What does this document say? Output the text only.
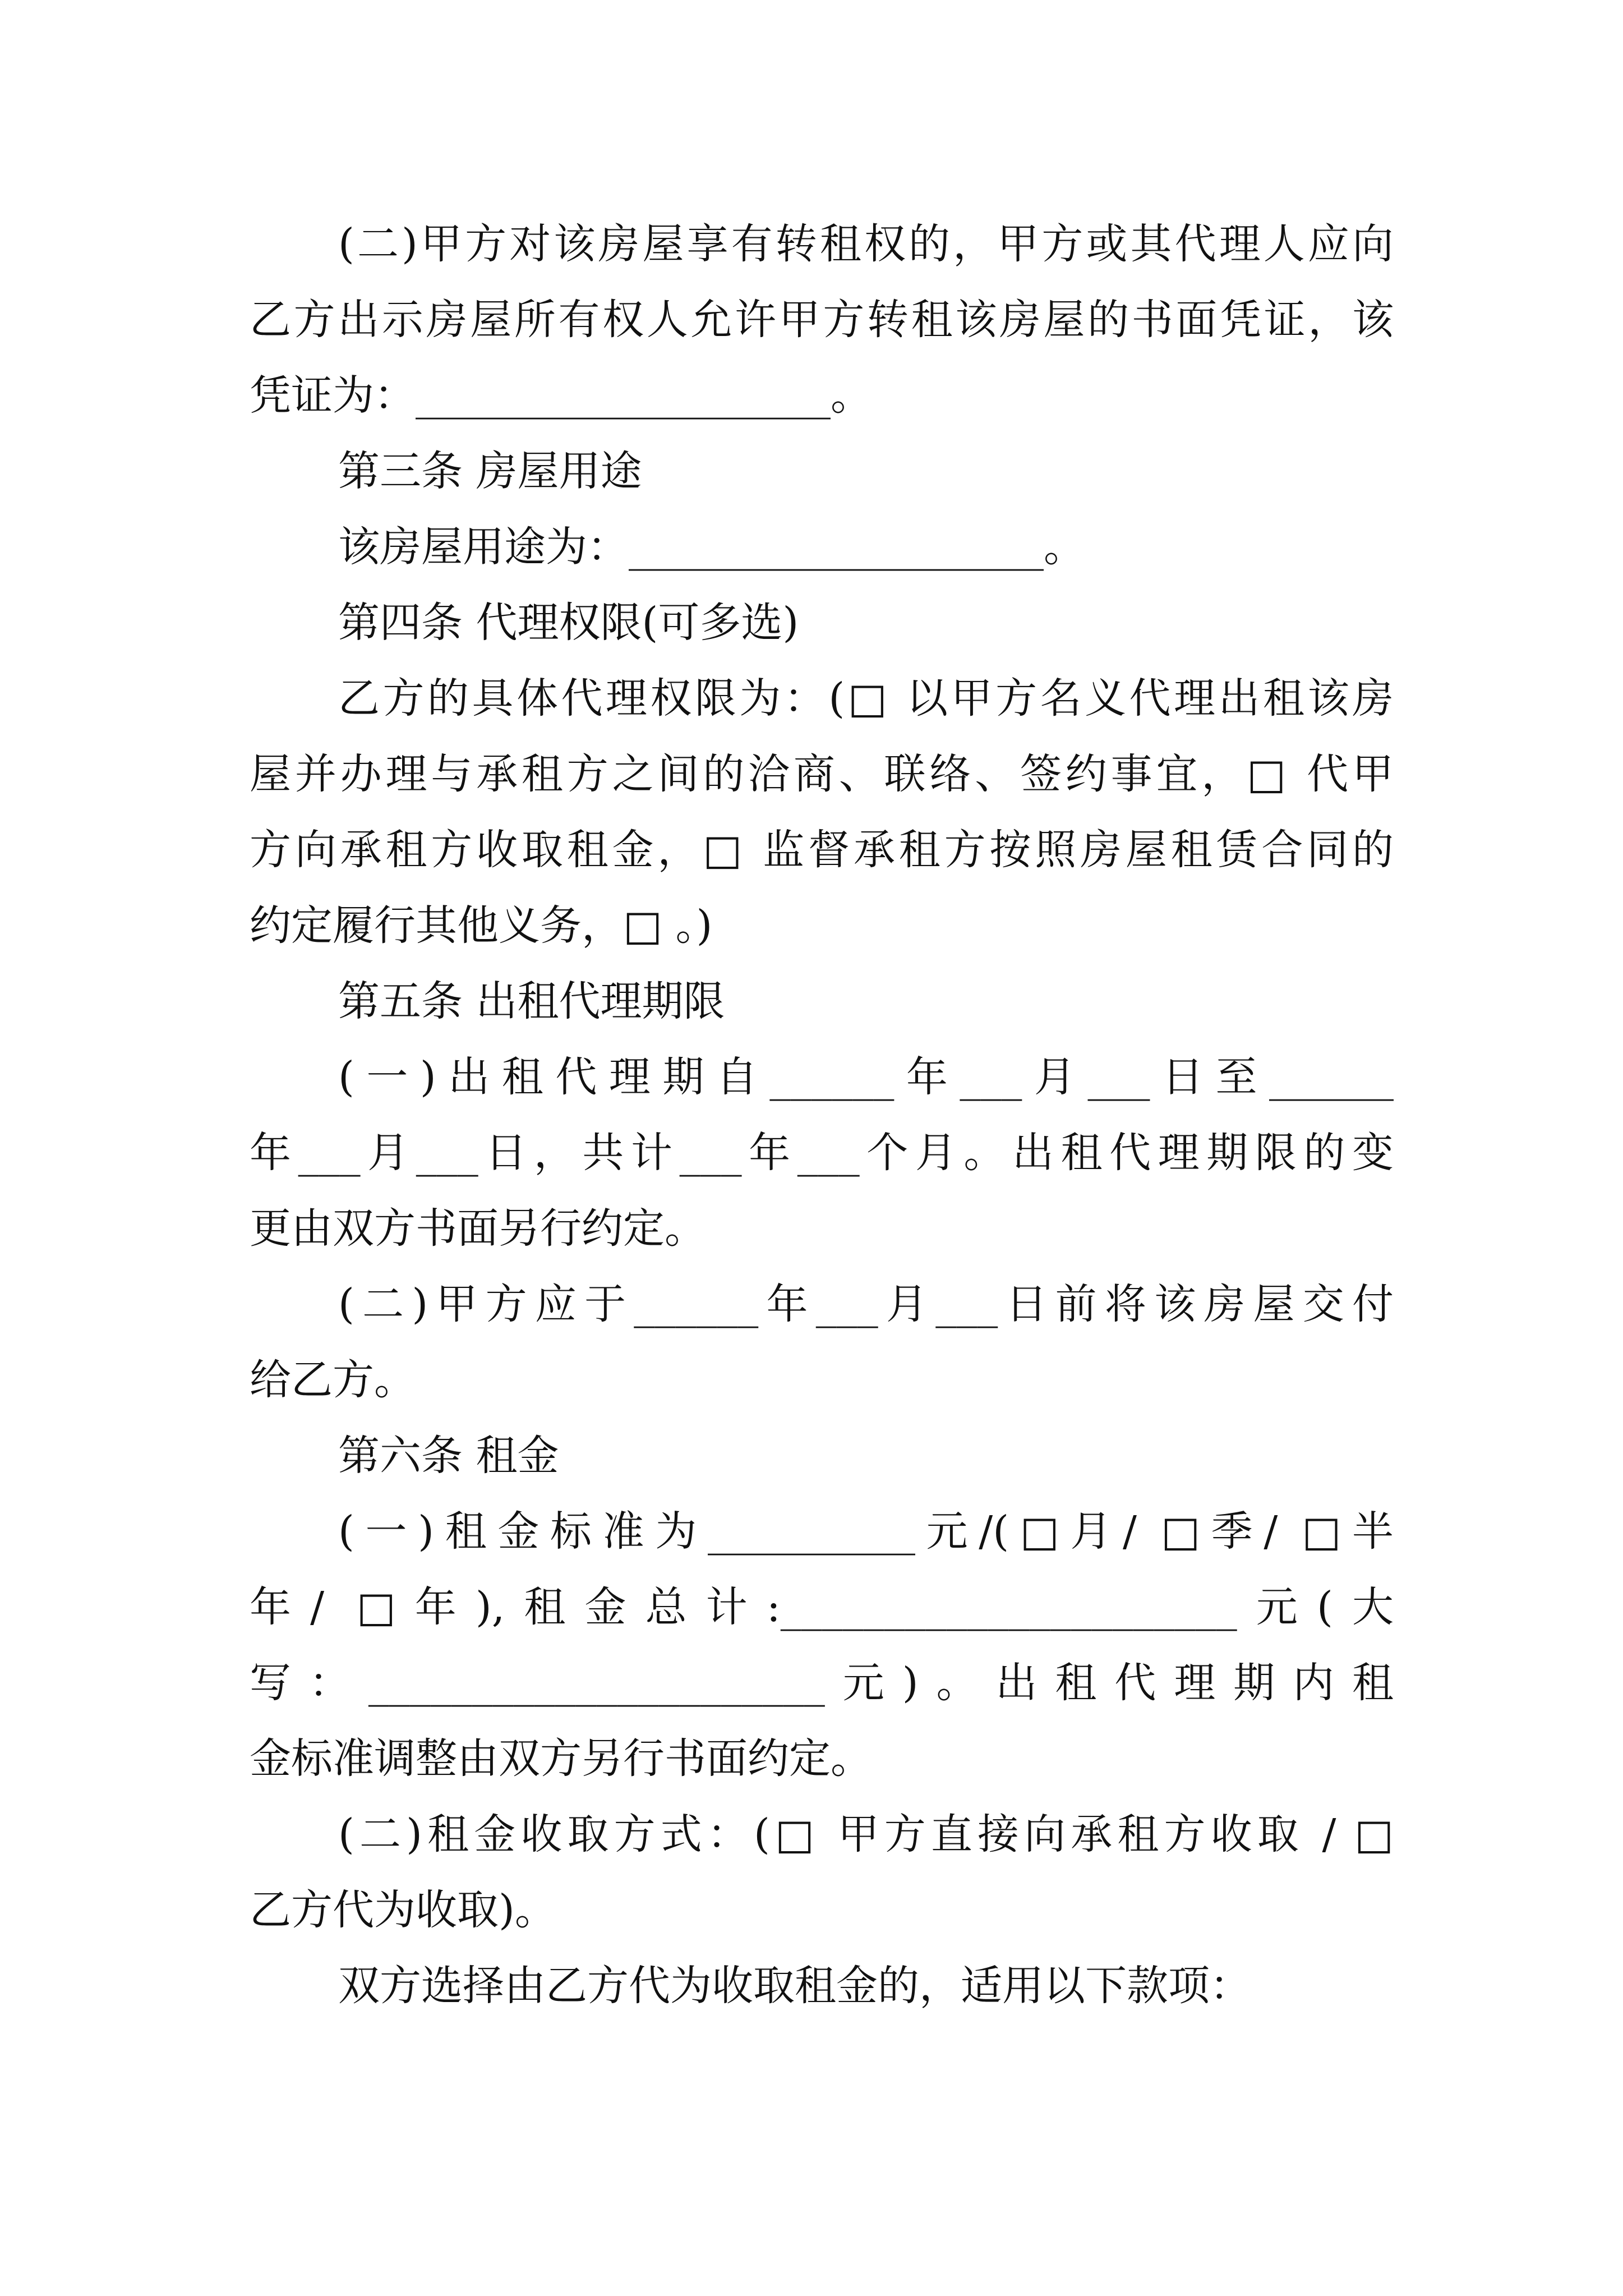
(二)甲方对该房屋享有转租权的，甲方或其代理人应向
乙方出示房屋所有权人允许甲方转租该房屋的书面凭证，该
凭证为：____________________。
第三条 房屋用途
该房屋用途为：____________________。
第四条 代理权限(可多选)
乙方的具体代理权限为：(□ 以甲方名义代理出租该房
屋并办理与承租方之间的洽商、联络、签约事宜，□ 代甲
方向承租方收取租金，□ 监督承租方按照房屋租赁合同的
约定履行其他义务，□ 。)
第五条 出租代理期限
(一)出租代理期自______年___月___日至______
年___月___日，共计___年___个月。出租代理期限的变
更由双方书面另行约定。
(二)甲方应于______年___月___日前将该房屋交付
给乙方。
第六条 租金
(一)租金标准为__________元/(□月/ □季/ □半
年/ □年),租金总计:______________________元(大
写：______________________元)。出租代理期内租
金标准调整由双方另行书面约定。
(二)租金收取方式：(□ 甲方直接向承租方收取 / □
乙方代为收取)。
双方选择由乙方代为收取租金的，适用以下款项：
